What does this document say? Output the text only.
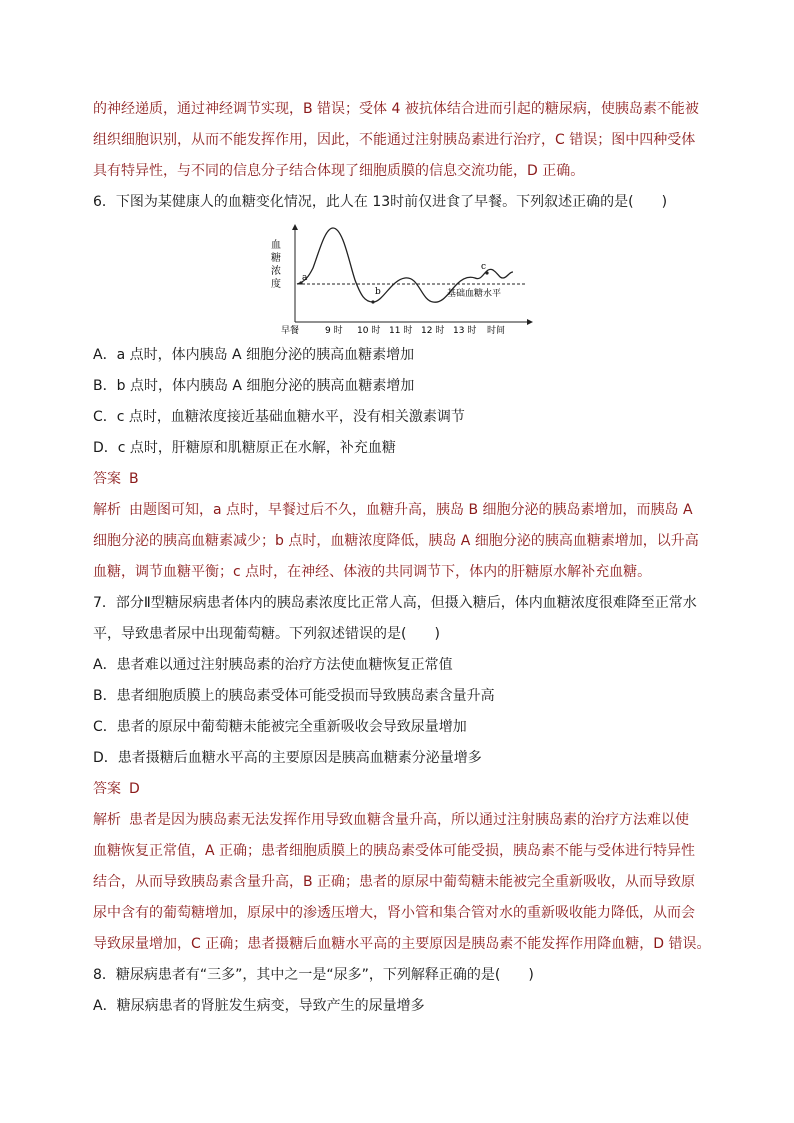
的神经递质，通过神经调节实现，B 错误；受体 4 被抗体结合进而引起的糖尿病，使胰岛素不能被
组织细胞识别，从而不能发挥作用，因此，不能通过注射胰岛素进行治疗，C 错误；图中四种受体
具有特异性，与不同的信息分子结合体现了细胞质膜的信息交流功能，D 正确。
6．下图为某健康人的血糖变化情况，此人在 13时前仅进食了早餐。下列叙述正确的是(　　)
a
b
c
血
糖
浓
度
基础血糖水平
早餐	9 时 10 时 11 时 12 时 13 时 时间
A．a 点时，体内胰岛 A 细胞分泌的胰高血糖素增加
B．b 点时，体内胰岛 A 细胞分泌的胰高血糖素增加
C．c 点时，血糖浓度接近基础血糖水平，没有相关激素调节
D．c 点时，肝糖原和肌糖原正在水解，补充血糖
答案 B
解析 由题图可知，a 点时，早餐过后不久，血糖升高，胰岛 B 细胞分泌的胰岛素增加，而胰岛 A
细胞分泌的胰高血糖素减少；b 点时，血糖浓度降低，胰岛 A 细胞分泌的胰高血糖素增加，以升高
血糖，调节血糖平衡；c 点时，在神经、体液的共同调节下，体内的肝糖原水解补充血糖。
7．部分Ⅱ型糖尿病患者体内的胰岛素浓度比正常人高，但摄入糖后，体内血糖浓度很难降至正常水
平，导致患者尿中出现葡萄糖。下列叙述错误的是(　　)
A．患者难以通过注射胰岛素的治疗方法使血糖恢复正常值
B．患者细胞质膜上的胰岛素受体可能受损而导致胰岛素含量升高
C．患者的原尿中葡萄糖未能被完全重新吸收会导致尿量增加
D．患者摄糖后血糖水平高的主要原因是胰高血糖素分泌量增多
答案 D
解析 患者是因为胰岛素无法发挥作用导致血糖含量升高，所以通过注射胰岛素的治疗方法难以使
血糖恢复正常值，A 正确；患者细胞质膜上的胰岛素受体可能受损，胰岛素不能与受体进行特异性
结合，从而导致胰岛素含量升高，B 正确；患者的原尿中葡萄糖未能被完全重新吸收，从而导致原
尿中含有的葡萄糖增加，原尿中的渗透压增大，肾小管和集合管对水的重新吸收能力降低，从而会
导致尿量增加，C 正确；患者摄糖后血糖水平高的主要原因是胰岛素不能发挥作用降血糖，D 错误。
8．糖尿病患者有“三多”，其中之一是“尿多”，下列解释正确的是(　　)
A．糖尿病患者的肾脏发生病变，导致产生的尿量增多
